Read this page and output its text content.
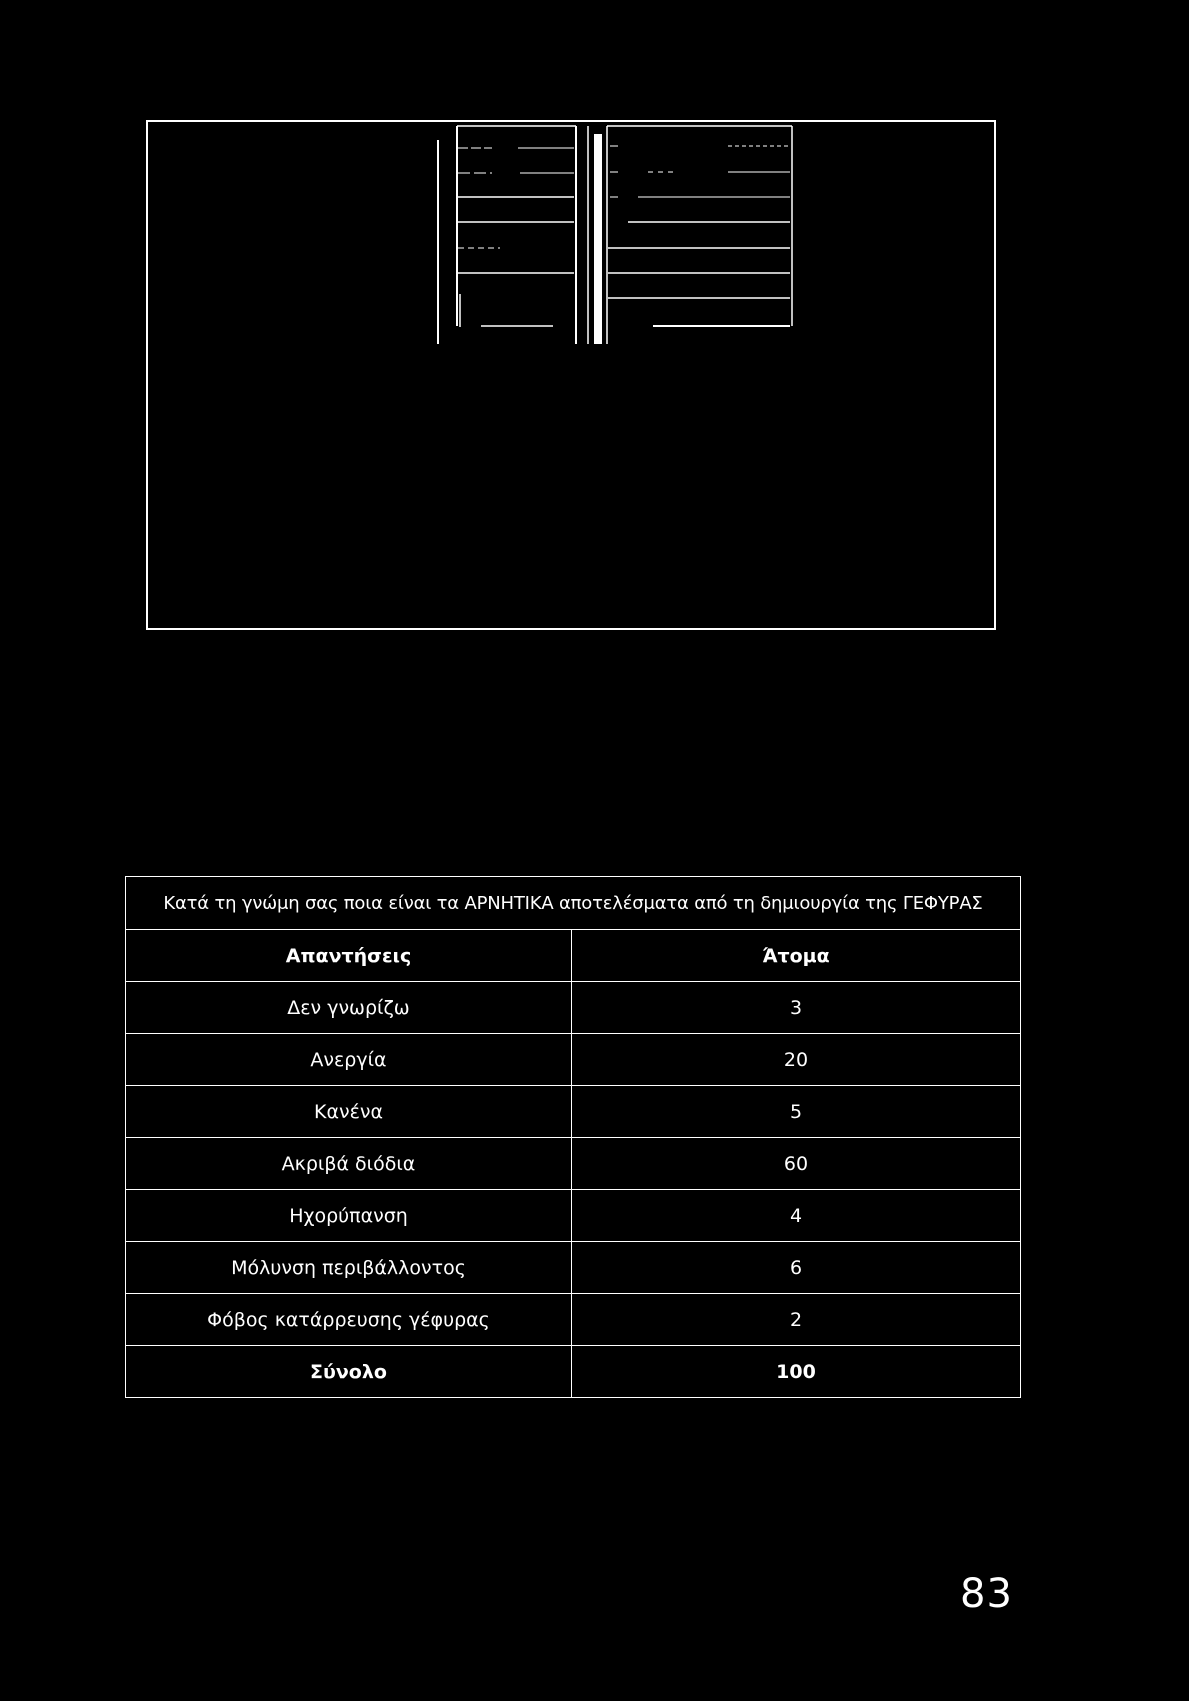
Κατά τη γνώμη σας ποια είναι τα ΑΡΝΗΤΙΚΑ αποτελέσματα από τη δημιουργία της ΓΕΦΥΡΑΣ	
Απαντήσεις	Άτομα
Δεν γνωρίζω	3
Ανεργία	20
Κανένα	5
Ακριβά διόδια	60
Ηχορύπανση	4
Μόλυνση περιβάλλοντος	6
Φόβος κατάρρευσης γέφυρας	2
Σύνολο	100
83
